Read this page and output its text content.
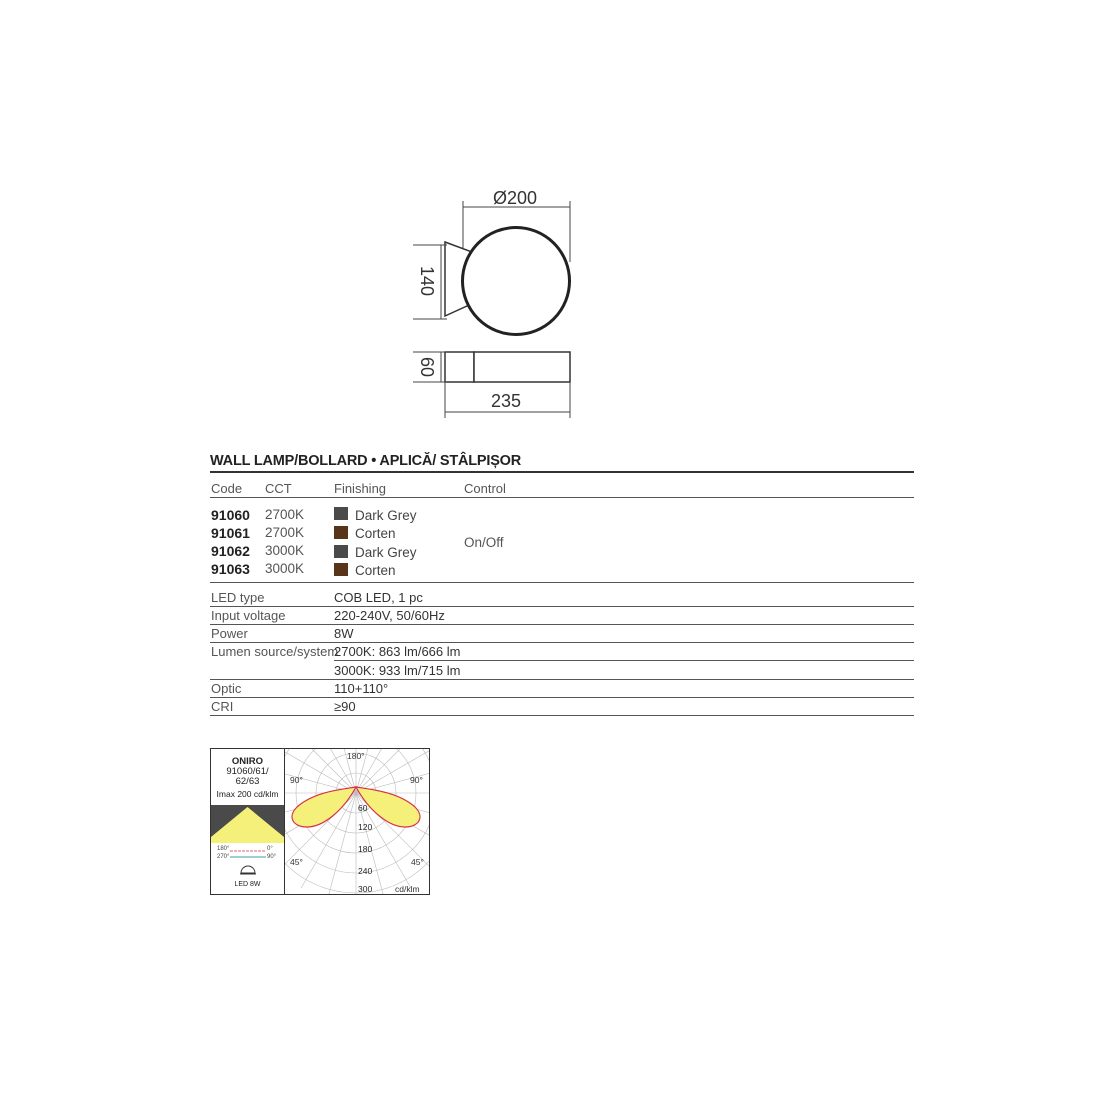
Ø200
140
60
235
WALL LAMP/BOLLARD • APLICĂ/ STÂLPIȘOR
Code CCT	Finishing	Control
91060 2700K	Dark Grey
91061 2700K	Corten
91062 3000K	Dark Grey
91063 3000K	Corten
On/Off
LED type	COB LED, 1 pc
Input voltage	220-240V, 50/60Hz
Power	8W
Lumen source/system
2700K: 863 lm/666 lm
3000K: 933 lm/715 lm
Optic	110+110°
CRI	≥90
ONIRO
91060/61/
62/63
Imax 200 cd/klm
180°	0°
270°	90°
LED 8W
180°
90°	90°
45°	45°
60
120
180
240
300	cd/klm
